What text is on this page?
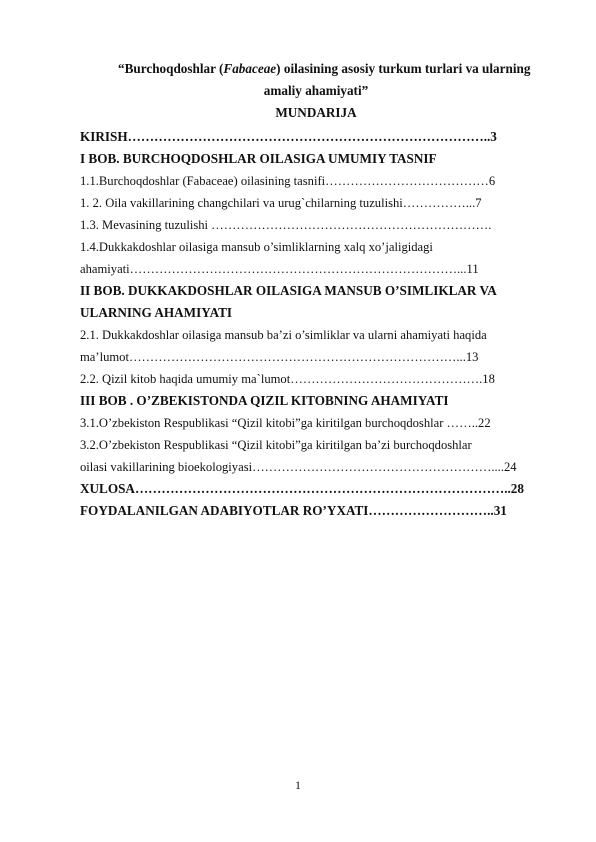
“Burchoqdoshlar (Fabaceae) oilasining asosiy turkum turlari va ularning
amaliy ahamiyati”
MUNDARIJA
KIRISH………………………………………………………………………..3
I BOB. BURCHOQDOSHLAR OILASIGA UMUMIY TASNIF
1.1.Burchoqdoshlar (Fabaceae) oilasining tasnifi…………………………………6
1. 2. Oila vakillarining changchilari va urug`chilarning tuzulishi……………...7
1.3. Mevasining tuzulishi ………………………………………………………….
1.4.Dukkakdoshlar oilasiga mansub o’simliklarning xalq xo’jaligidagi
ahamiyati……………………………………………………………………...11
II BOB. DUKKAKDOSHLAR OILASIGA MANSUB O’SIMLIKLAR VA
ULARNING AHAMIYATI
2.1. Dukkakdoshlar oilasiga mansub ba’zi o’simliklar va ularni ahamiyati haqida
ma’lumot……………………………………………………………………...13
2.2. Qizil kitob haqida umumiy ma`lumot……………………………………….18
III BOB . O’ZBEKISTONDA QIZIL KITOBNING AHAMIYATI
3.1.O’zbekiston Respublikasi “Qizil kitobi”ga kiritilgan burchoqdoshlar ……..22
3.2.O’zbekiston Respublikasi “Qizil kitobi”ga kiritilgan ba’zi burchoqdoshlar
oilasi vakillarining bioekologiyasi…………………………………………………....24
XULOSA…………………………………………………………………………..28
FOYDALANILGAN ADABIYOTLAR RO’YXATI………………………..31
1
